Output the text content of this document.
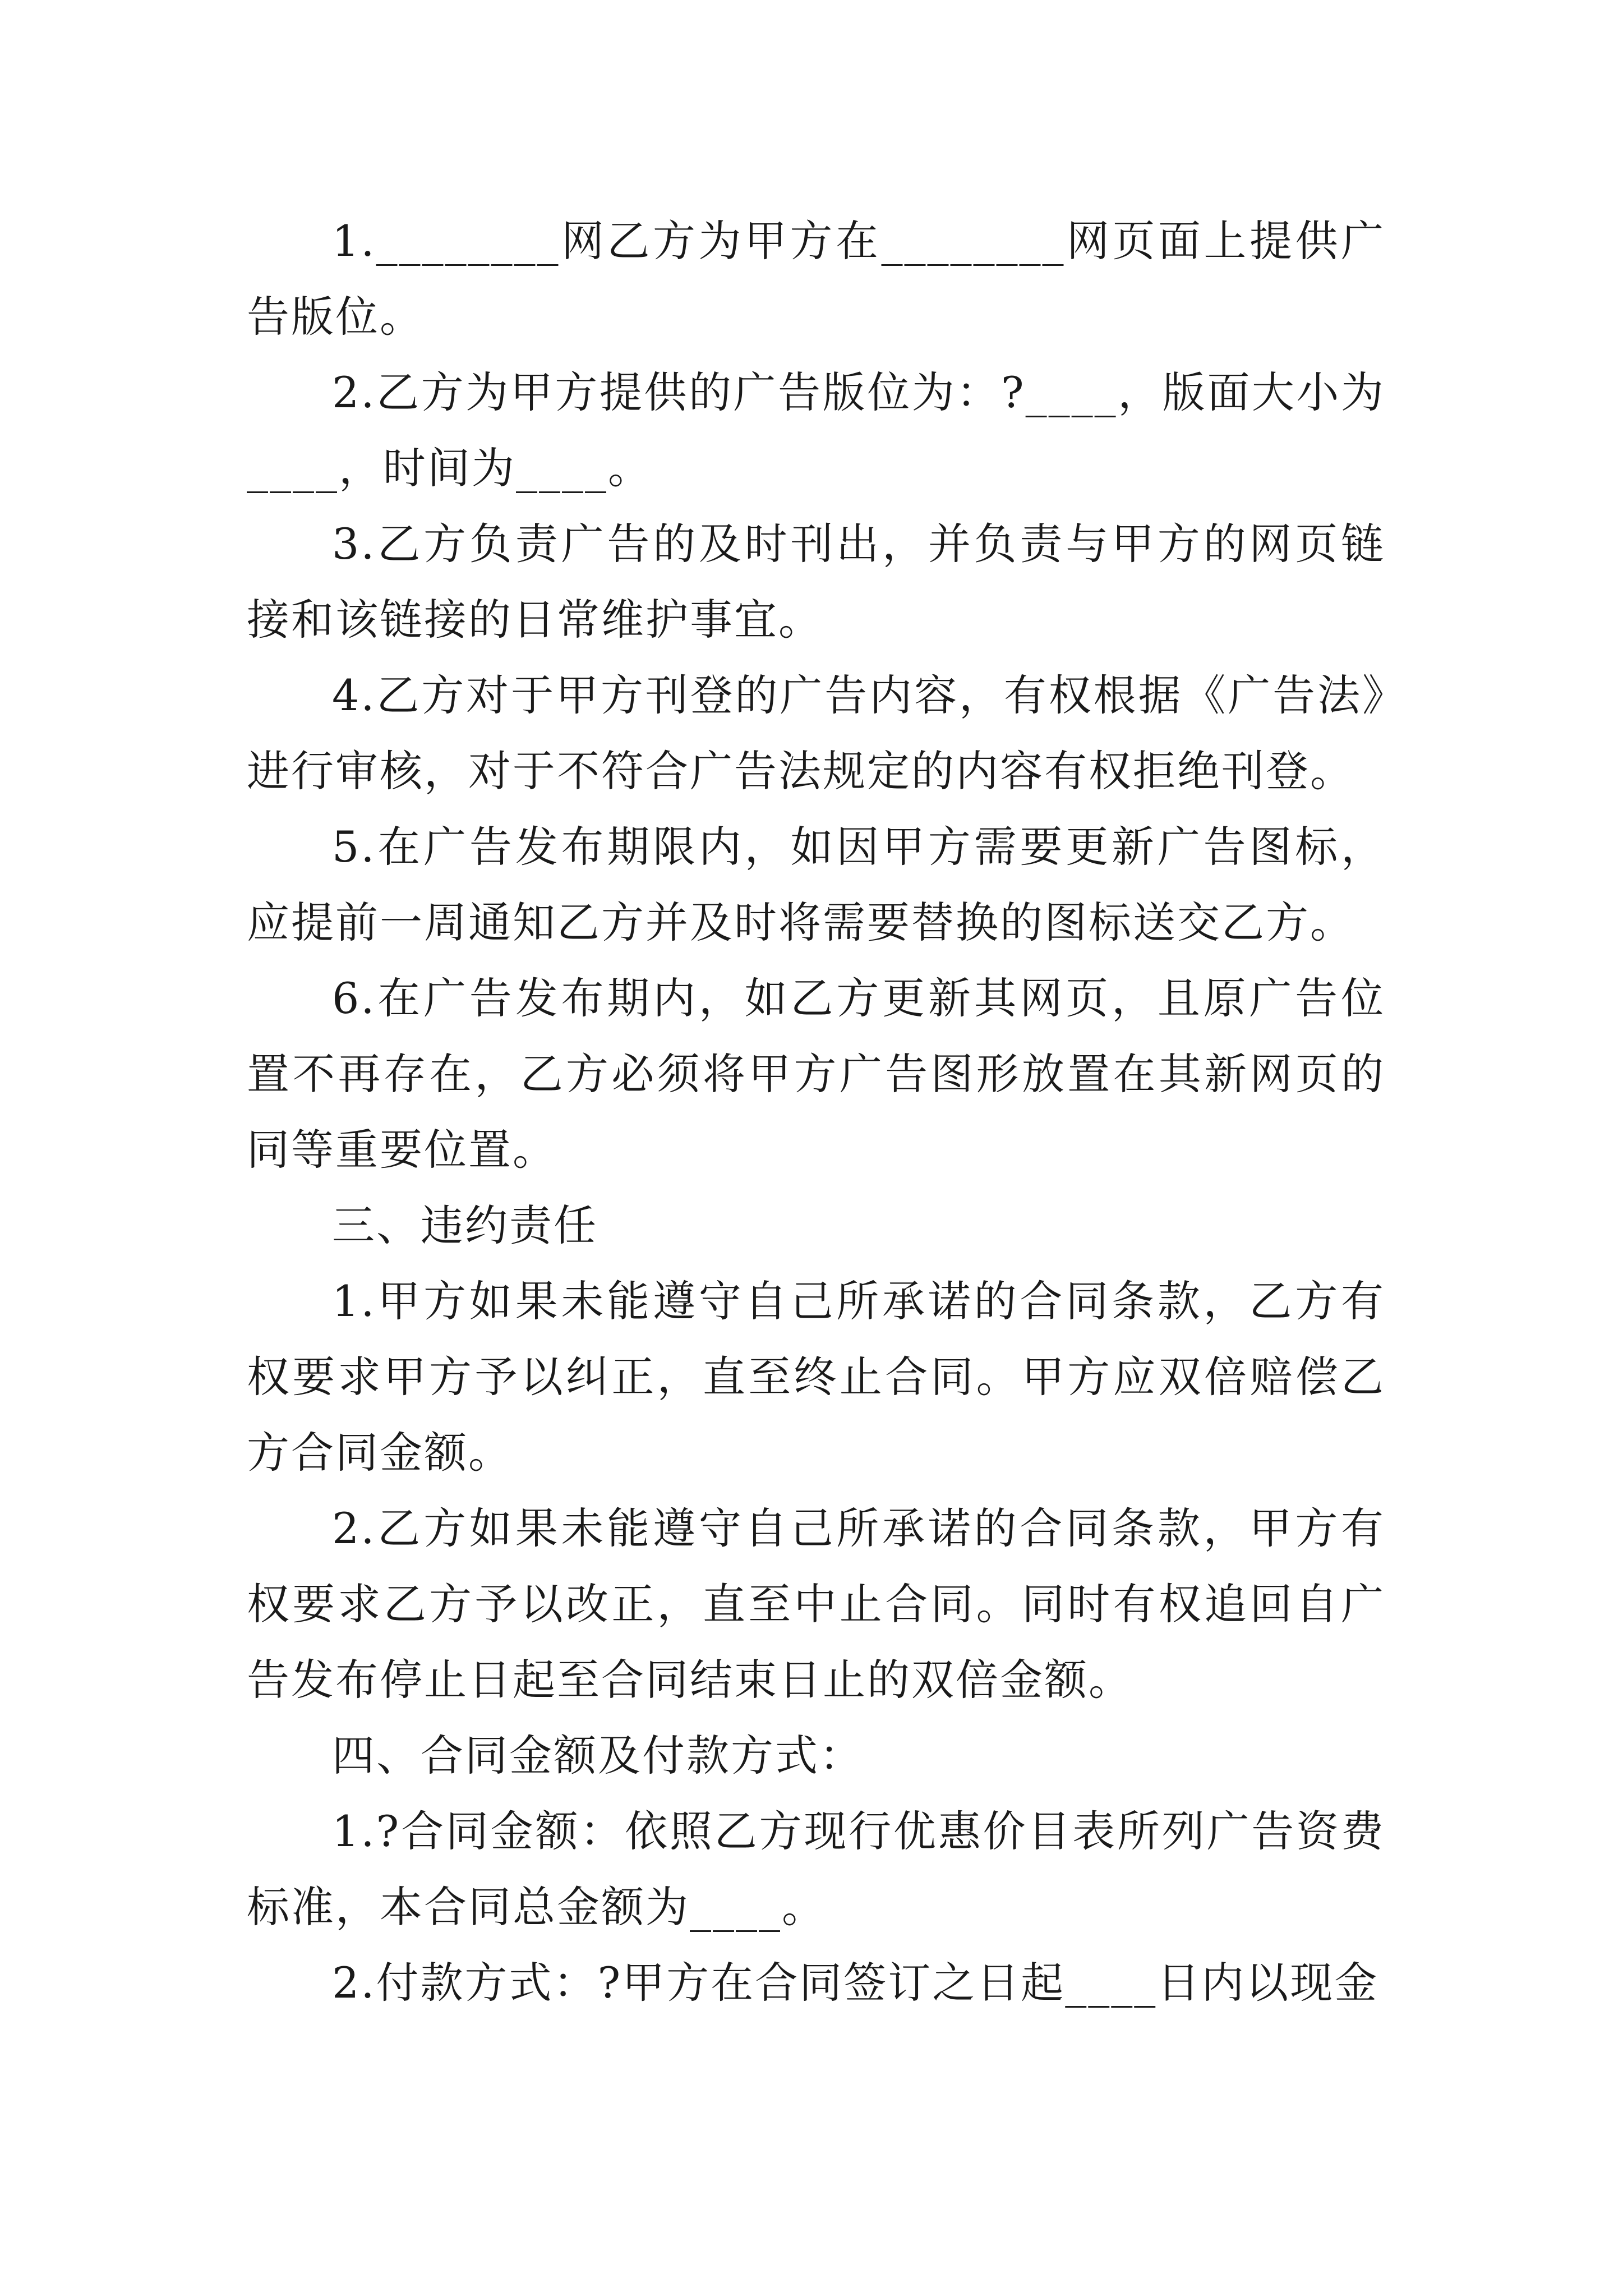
1.________网乙方为甲方在________网页面上提供广告版位。

2.乙方为甲方提供的广告版位为：?____，版面大小为____，时间为____。

3.乙方负责广告的及时刊出，并负责与甲方的网页链接和该链接的日常维护事宜。

4.乙方对于甲方刊登的广告内容，有权根据《广告法》进行审核，对于不符合广告法规定的内容有权拒绝刊登。

5.在广告发布期限内，如因甲方需要更新广告图标，应提前一周通知乙方并及时将需要替换的图标送交乙方。

6.在广告发布期内，如乙方更新其网页，且原广告位置不再存在，乙方必须将甲方广告图形放置在其新网页的同等重要位置。

三、违约责任

1.甲方如果未能遵守自己所承诺的合同条款，乙方有权要求甲方予以纠正，直至终止合同。甲方应双倍赔偿乙方合同金额。

2.乙方如果未能遵守自己所承诺的合同条款，甲方有权要求乙方予以改正，直至中止合同。同时有权追回自广告发布停止日起至合同结束日止的双倍金额。

四、合同金额及付款方式：

1.?合同金额：依照乙方现行优惠价目表所列广告资费标准，本合同总金额为____。

2.付款方式：?甲方在合同签订之日起____日内以现金
